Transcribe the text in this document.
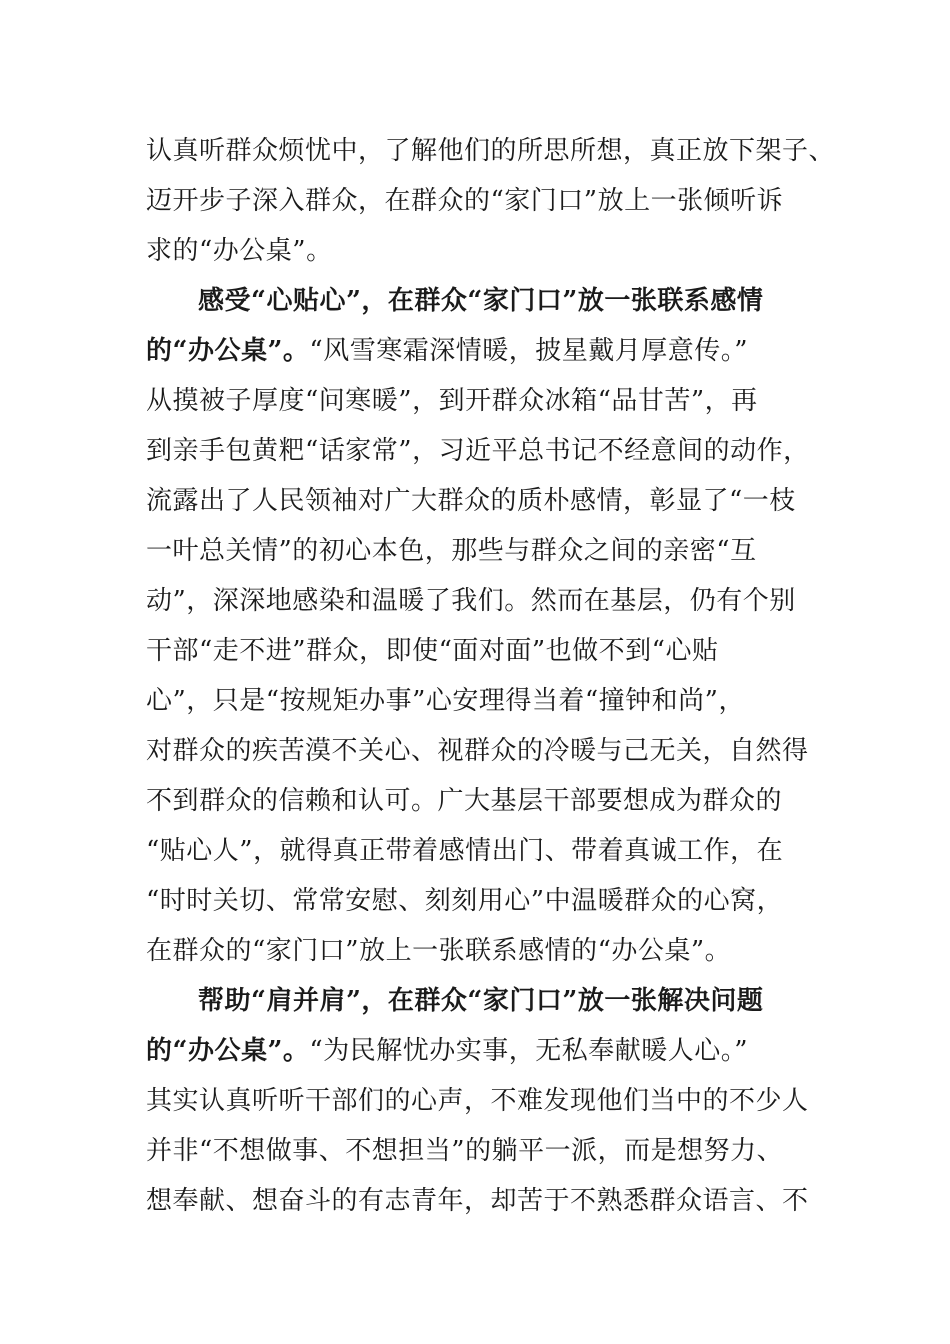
认真听群众烦忧中，了解他们的所思所想，真正放下架子、
迈开步子深入群众，在群众的“家门口”放上一张倾听诉
求的“办公桌”。
感受“心贴心”，在群众“家门口”放一张联系感情
的“办公桌”。“风雪寒霜深情暖，披星戴月厚意传。”
从摸被子厚度“问寒暖”，到开群众冰箱“品甘苦”，再
到亲手包黄粑“话家常”，习近平总书记不经意间的动作，
流露出了人民领袖对广大群众的质朴感情，彰显了“一枝
一叶总关情”的初心本色，那些与群众之间的亲密“互
动”，深深地感染和温暖了我们。然而在基层，仍有个别
干部“走不进”群众，即使“面对面”也做不到“心贴
心”，只是“按规矩办事”心安理得当着“撞钟和尚”，
对群众的疾苦漠不关心、视群众的冷暖与己无关，自然得
不到群众的信赖和认可。广大基层干部要想成为群众的
“贴心人”，就得真正带着感情出门、带着真诚工作，在
“时时关切、常常安慰、刻刻用心”中温暖群众的心窝，
在群众的“家门口”放上一张联系感情的“办公桌”。
帮助“肩并肩”，在群众“家门口”放一张解决问题
的“办公桌”。“为民解忧办实事，无私奉献暖人心。”
其实认真听听干部们的心声，不难发现他们当中的不少人
并非“不想做事、不想担当”的躺平一派，而是想努力、
想奉献、想奋斗的有志青年，却苦于不熟悉群众语言、不
